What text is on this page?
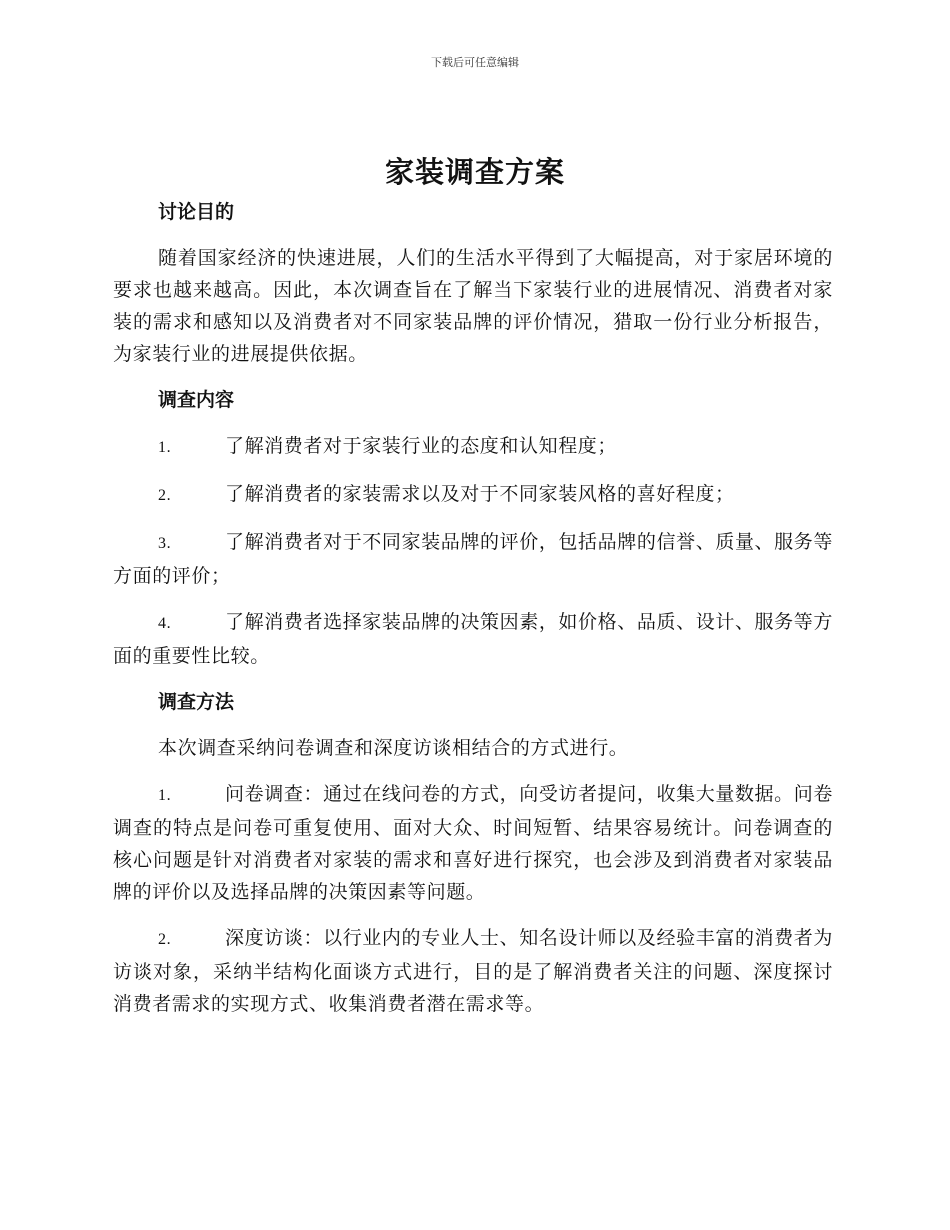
下载后可任意编辑
家装调查方案
讨论目的

随着国家经济的快速进展，人们的生活水平得到了大幅提高，对于家居环境的要求也越来越高。因此，本次调查旨在了解当下家装行业的进展情况、消费者对家装的需求和感知以及消费者对不同家装品牌的评价情况，猎取一份行业分析报告，为家装行业的进展提供依据。

调查内容

1.	了解消费者对于家装行业的态度和认知程度；

2.	了解消费者的家装需求以及对于不同家装风格的喜好程度；

3.	了解消费者对于不同家装品牌的评价，包括品牌的信誉、质量、服务等方面的评价；

4.	了解消费者选择家装品牌的决策因素，如价格、品质、设计、服务等方面的重要性比较。

调查方法

本次调查采纳问卷调查和深度访谈相结合的方式进行。

1.	问卷调查：通过在线问卷的方式，向受访者提问，收集大量数据。问卷调查的特点是问卷可重复使用、面对大众、时间短暂、结果容易统计。问卷调查的核心问题是针对消费者对家装的需求和喜好进行探究，也会涉及到消费者对家装品牌的评价以及选择品牌的决策因素等问题。

2.	深度访谈：以行业内的专业人士、知名设计师以及经验丰富的消费者为访谈对象，采纳半结构化面谈方式进行，目的是了解消费者关注的问题、深度探讨消费者需求的实现方式、收集消费者潜在需求等。
